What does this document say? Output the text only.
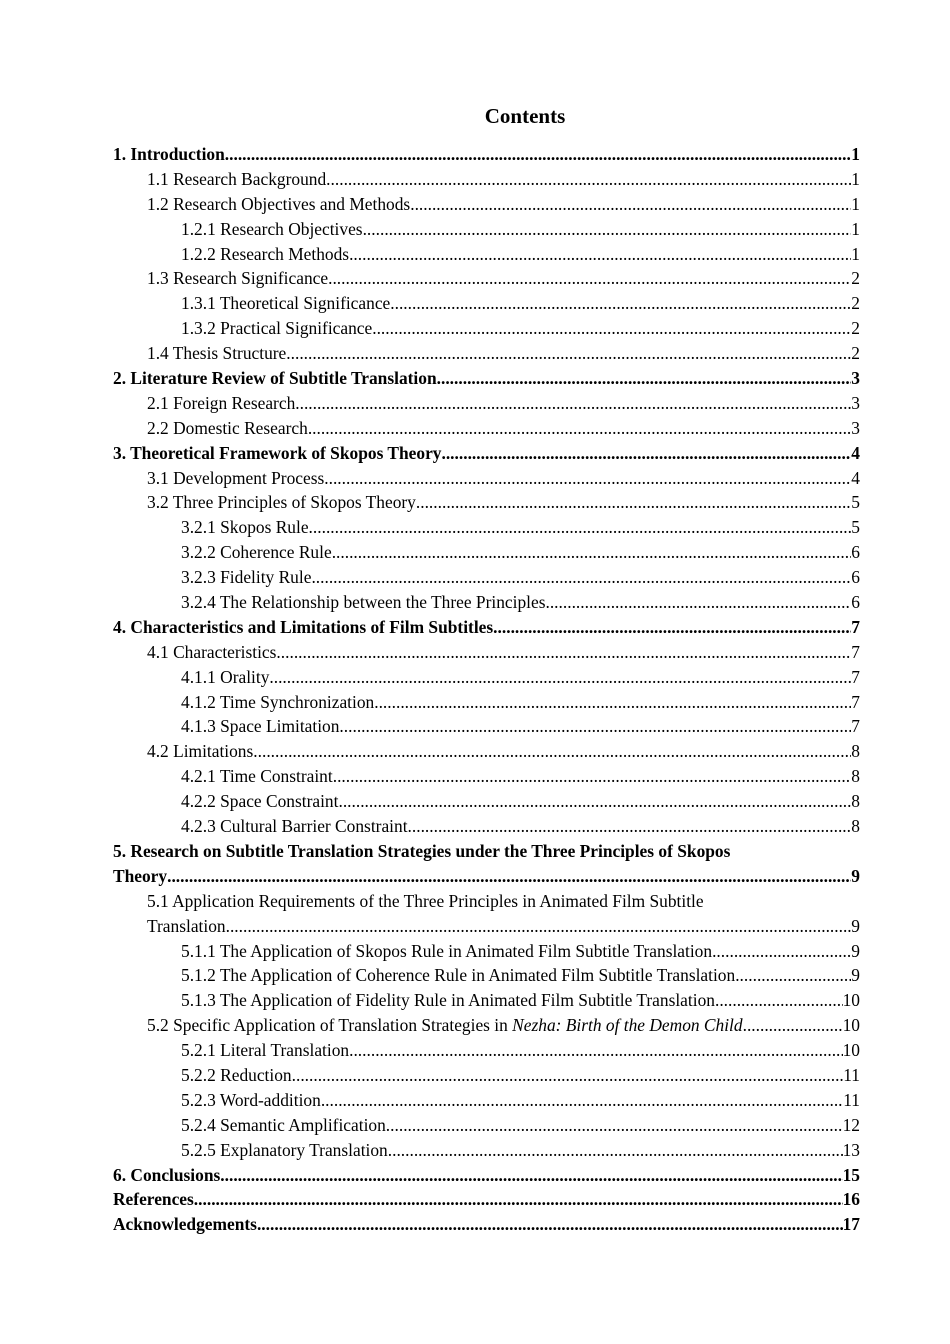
Contents
1. Introduction .....	1
1.1 Research Background .....	1
1.2 Research Objectives and Methods .....	1
1.2.1 Research Objectives .....	1
1.2.2 Research Methods .....	1
1.3 Research Significance .....	2
1.3.1 Theoretical Significance .....	2
1.3.2 Practical Significance .....	2
1.4 Thesis Structure .....	2
2. Literature Review of Subtitle Translation .....	3
2.1 Foreign Research .....	3
2.2 Domestic Research .....	3
3. Theoretical Framework of Skopos Theory .....	4
3.1 Development Process .....	4
3.2 Three Principles of Skopos Theory .....	5
3.2.1 Skopos Rule .....	5
3.2.2 Coherence Rule .....	6
3.2.3 Fidelity Rule .....	6
3.2.4 The Relationship between the Three Principles .....	6
4. Characteristics and Limitations of Film Subtitles .....	7
4.1 Characteristics .....	7
4.1.1 Orality .....	7
4.1.2 Time Synchronization .....	7
4.1.3 Space Limitation .....	7
4.2 Limitations .....	8
4.2.1 Time Constraint .....	8
4.2.2 Space Constraint .....	8
4.2.3 Cultural Barrier Constraint .....	8
5. Research on Subtitle Translation Strategies under the Three Principles of Skopos
Theory .....	9
5.1 Application Requirements of the Three Principles in Animated Film Subtitle
Translation .....	9
5.1.1 The Application of Skopos Rule in Animated Film Subtitle Translation .....	9
5.1.2 The Application of Coherence Rule in Animated Film Subtitle Translation .....	9
5.1.3 The Application of Fidelity Rule in Animated Film Subtitle Translation .....	10
5.2 Specific Application of Translation Strategies in Nezha: Birth of the Demon Child .....	10
5.2.1 Literal Translation .....	10
5.2.2 Reduction .....	11
5.2.3 Word-addition .....	11
5.2.4 Semantic Amplification .....	12
5.2.5 Explanatory Translation .....	13
6. Conclusions .....	15
References .....	16
Acknowledgements .....	17
